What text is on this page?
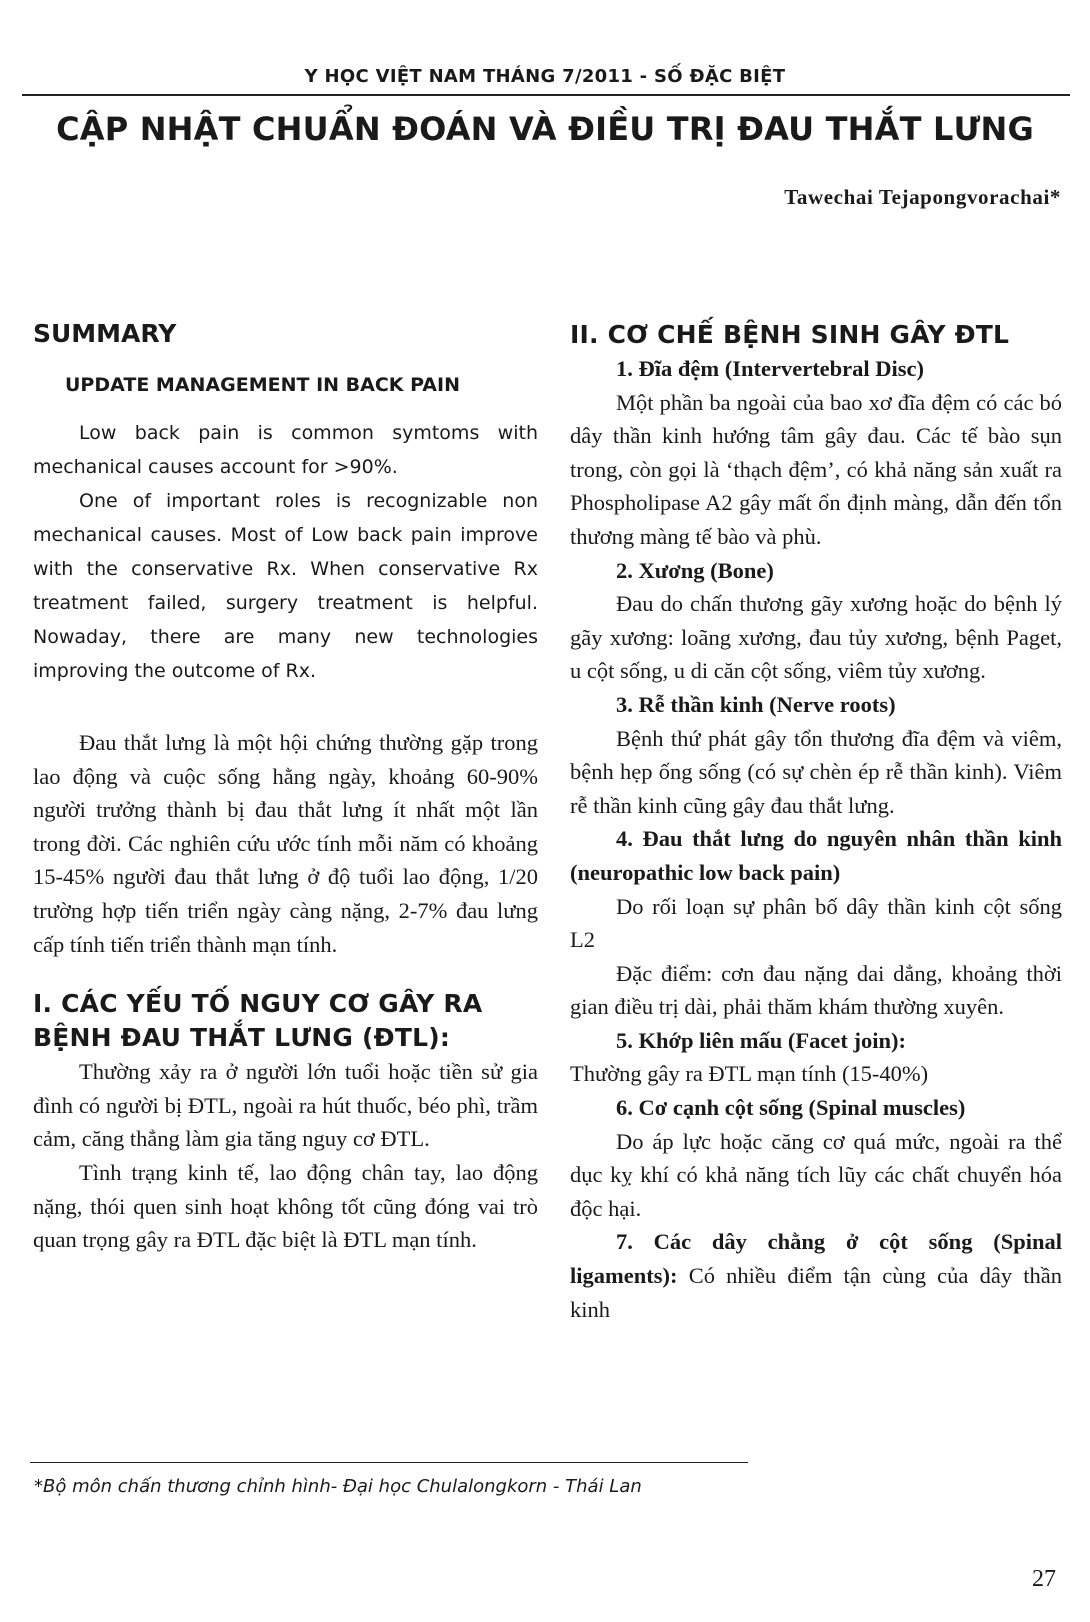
Y HỌC VIỆT NAM THÁNG 7/2011 - SỐ ĐẶC BIỆT
CẬP NHẬT CHUẨN ĐOÁN VÀ ĐIỀU TRỊ ĐAU THẮT LƯNG
Tawechai Tejapongvorachai*
SUMMARY
UPDATE MANAGEMENT IN BACK PAIN

Low back pain is common symtoms with mechanical causes account for >90%.

One of important roles is recognizable non mechanical causes. Most of Low back pain improve with the conservative Rx. When conservative Rx treatment failed, surgery treatment is helpful. Nowaday, there are many new technologies improving the outcome of Rx.

Đau thắt lưng là một hội chứng thường gặp trong lao động và cuộc sống hằng ngày, khoảng 60-90% người trưởng thành bị đau thắt lưng ít nhất một lần trong đời. Các nghiên cứu ước tính mỗi năm có khoảng 15-45% người đau thắt lưng ở độ tuổi lao động, 1/20 trường hợp tiến triển ngày càng nặng, 2-7% đau lưng cấp tính tiến triển thành mạn tính.

I. CÁC YẾU TỐ NGUY CƠ GÂY RA BỆNH ĐAU THẮT LƯNG (ĐTL):

Thường xảy ra ở người lớn tuổi hoặc tiền sử gia đình có người bị ĐTL, ngoài ra hút thuốc, béo phì, trầm cảm, căng thẳng làm gia tăng nguy cơ ĐTL.

Tình trạng kinh tế, lao động chân tay, lao động nặng, thói quen sinh hoạt không tốt cũng đóng vai trò quan trọng gây ra ĐTL đặc biệt là ĐTL mạn tính.

II. CƠ CHẾ BỆNH SINH GÂY ĐTL

1. Đĩa đệm (Intervertebral Disc)

Một phần ba ngoài của bao xơ đĩa đệm có các bó dây thần kinh hướng tâm gây đau. Các tế bào sụn trong, còn gọi là ‘thạch đệm’, có khả năng sản xuất ra Phospholipase A2 gây mất ổn định màng, dẫn đến tổn thương màng tế bào và phù.

2. Xương (Bone)

Đau do chấn thương gãy xương hoặc do bệnh lý gãy xương: loãng xương, đau tủy xương, bệnh Paget, u cột sống, u di căn cột sống, viêm tủy xương.

3. Rễ thần kinh (Nerve roots)

Bệnh thứ phát gây tổn thương đĩa đệm và viêm, bệnh hẹp ống sống (có sự chèn ép rễ thần kinh). Viêm rễ thần kinh cũng gây đau thắt lưng.

4. Đau thắt lưng do nguyên nhân thần kinh (neuropathic low back pain)

Do rối loạn sự phân bố dây thần kinh cột sống L2

Đặc điểm: cơn đau nặng dai dẳng, khoảng thời gian điều trị dài, phải thăm khám thường xuyên.

5. Khớp liên mấu (Facet join):

Thường gây ra ĐTL mạn tính (15-40%)

6. Cơ cạnh cột sống (Spinal muscles)

Do áp lực hoặc căng cơ quá mức, ngoài ra thể dục kỵ khí có khả năng tích lũy các chất chuyển hóa độc hại.

7. Các dây chằng ở cột sống (Spinal ligaments): Có nhiều điểm tận cùng của dây thần kinh

*Bộ môn chấn thương chỉnh hình- Đại học Chulalongkorn - Thái Lan
27
